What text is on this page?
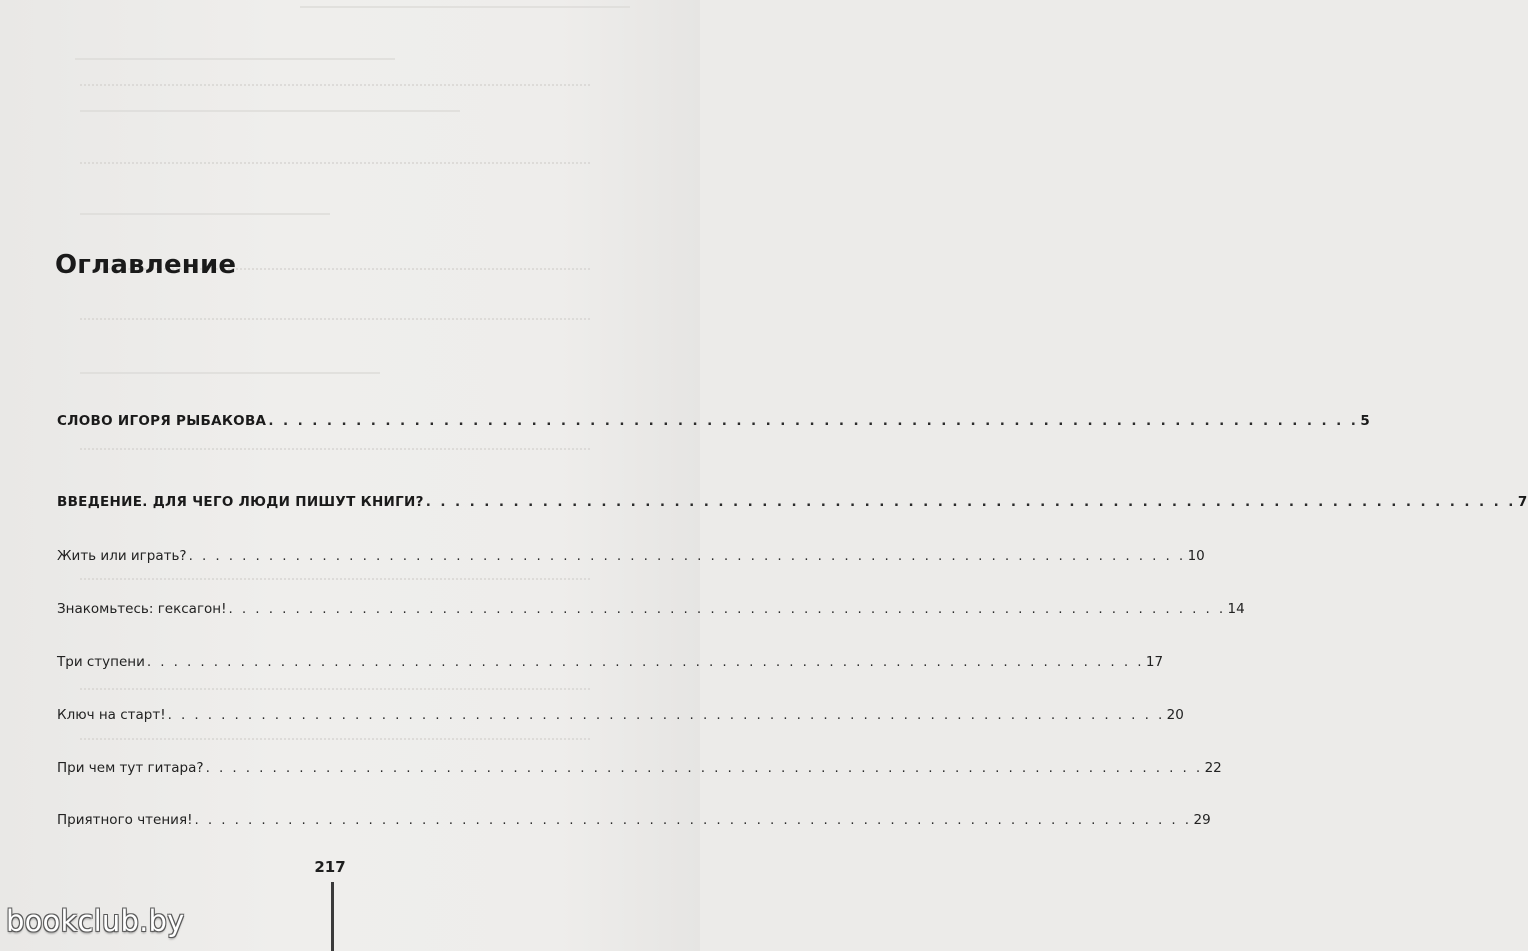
Оглавление
СЛОВО ИГОРЯ РЫБАКОВА . . . . . . . . . . . . . . . . . . . . . . . . . . . . . . . . . . . . . . . . . . . . . . . . . . . . . . . . . . . . . . . . . . . . . . . . . . . 5
ВВЕДЕНИЕ. ДЛЯ ЧЕГО ЛЮДИ ПИШУТ КНИГИ? . . . . . . . . . . . . . . . . . . . . . . . . . . . . . . . . . . . . . . . . . . . . . . . . . . . . . . . . . . . . . . . . . . . . . . . . . . . 7
Жить или играть? . . . . . . . . . . . . . . . . . . . . . . . . . . . . . . . . . . . . . . . . . . . . . . . . . . . . . . . . . . . . . . . . . . . . . . . . . . . 10
Знакомьтесь: гексагон! . . . . . . . . . . . . . . . . . . . . . . . . . . . . . . . . . . . . . . . . . . . . . . . . . . . . . . . . . . . . . . . . . . . . . . . . . . . 14
Три ступени . . . . . . . . . . . . . . . . . . . . . . . . . . . . . . . . . . . . . . . . . . . . . . . . . . . . . . . . . . . . . . . . . . . . . . . . . . . 17
Ключ на старт! . . . . . . . . . . . . . . . . . . . . . . . . . . . . . . . . . . . . . . . . . . . . . . . . . . . . . . . . . . . . . . . . . . . . . . . . . . . 20
При чем тут гитара? . . . . . . . . . . . . . . . . . . . . . . . . . . . . . . . . . . . . . . . . . . . . . . . . . . . . . . . . . . . . . . . . . . . . . . . . . . . 22
Приятного чтения! . . . . . . . . . . . . . . . . . . . . . . . . . . . . . . . . . . . . . . . . . . . . . . . . . . . . . . . . . . . . . . . . . . . . . . . . . . . 29
217
bookclub.by
